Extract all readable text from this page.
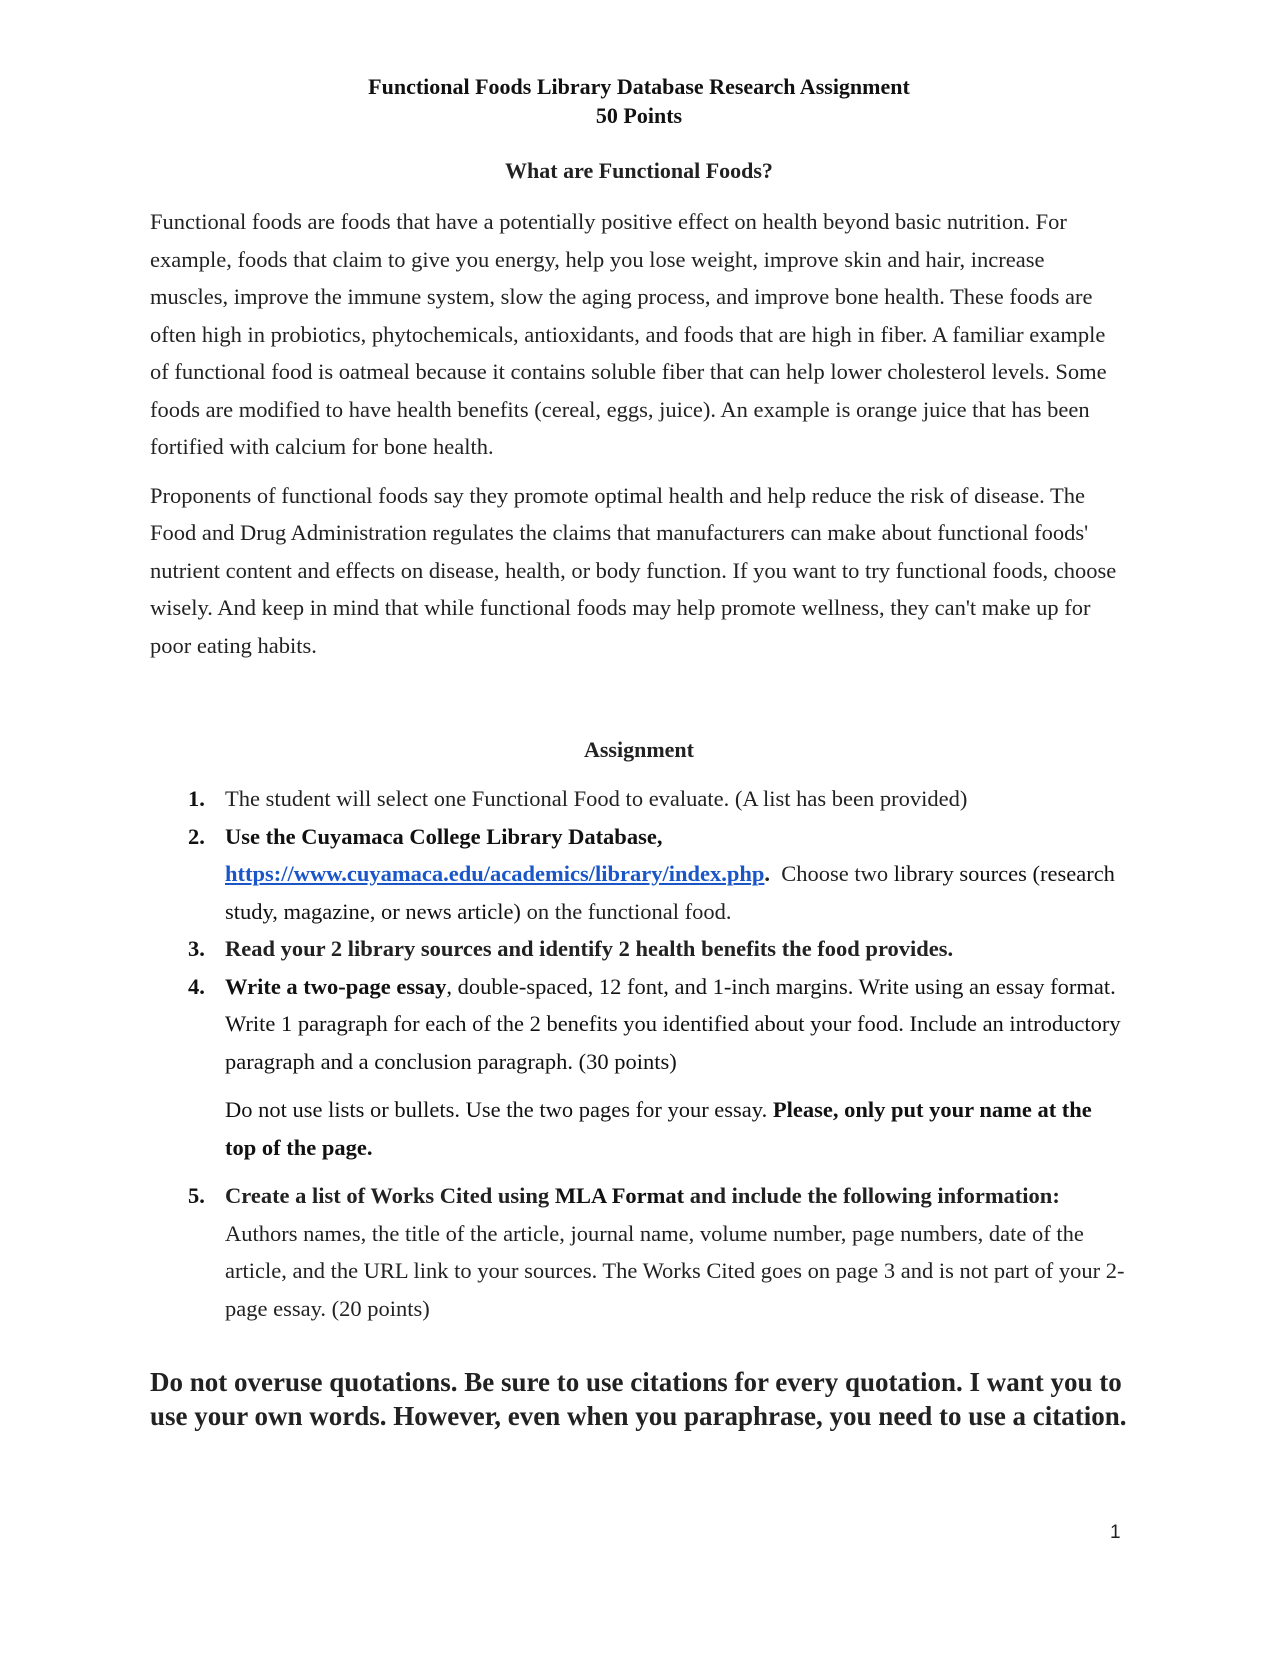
Functional Foods Library Database Research Assignment
50 Points
What are Functional Foods?

Functional foods are foods that have a potentially positive effect on health beyond basic nutrition. For example, foods that claim to give you energy, help you lose weight, improve skin and hair, increase muscles, improve the immune system, slow the aging process, and improve bone health. These foods are often high in probiotics, phytochemicals, antioxidants, and foods that are high in fiber. A familiar example of functional food is oatmeal because it contains soluble fiber that can help lower cholesterol levels. Some foods are modified to have health benefits (cereal, eggs, juice). An example is orange juice that has been fortified with calcium for bone health.

Proponents of functional foods say they promote optimal health and help reduce the risk of disease. The Food and Drug Administration regulates the claims that manufacturers can make about functional foods' nutrient content and effects on disease, health, or body function. If you want to try functional foods, choose wisely. And keep in mind that while functional foods may help promote wellness, they can't make up for poor eating habits.

Assignment
1. The student will select one Functional Food to evaluate. (A list has been provided)
2. Use the Cuyamaca College Library Database,
https://www.cuyamaca.edu/academics/library/index.php. Choose two library sources (research study, magazine, or news article) on the functional food.
3. Read your 2 library sources and identify 2 health benefits the food provides.
4. Write a two-page essay, double-spaced, 12 font, and 1-inch margins. Write using an essay format. Write 1 paragraph for each of the 2 benefits you identified about your food. Include an introductory paragraph and a conclusion paragraph. (30 points)
Do not use lists or bullets. Use the two pages for your essay. Please, only put your name at the top of the page.
5. Create a list of Works Cited using MLA Format and include the following information: Authors names, the title of the article, journal name, volume number, page numbers, date of the article, and the URL link to your sources. The Works Cited goes on page 3 and is not part of your 2-page essay. (20 points)
Do not overuse quotations. Be sure to use citations for every quotation. I want you to use your own words. However, even when you paraphrase, you need to use a citation.
1
